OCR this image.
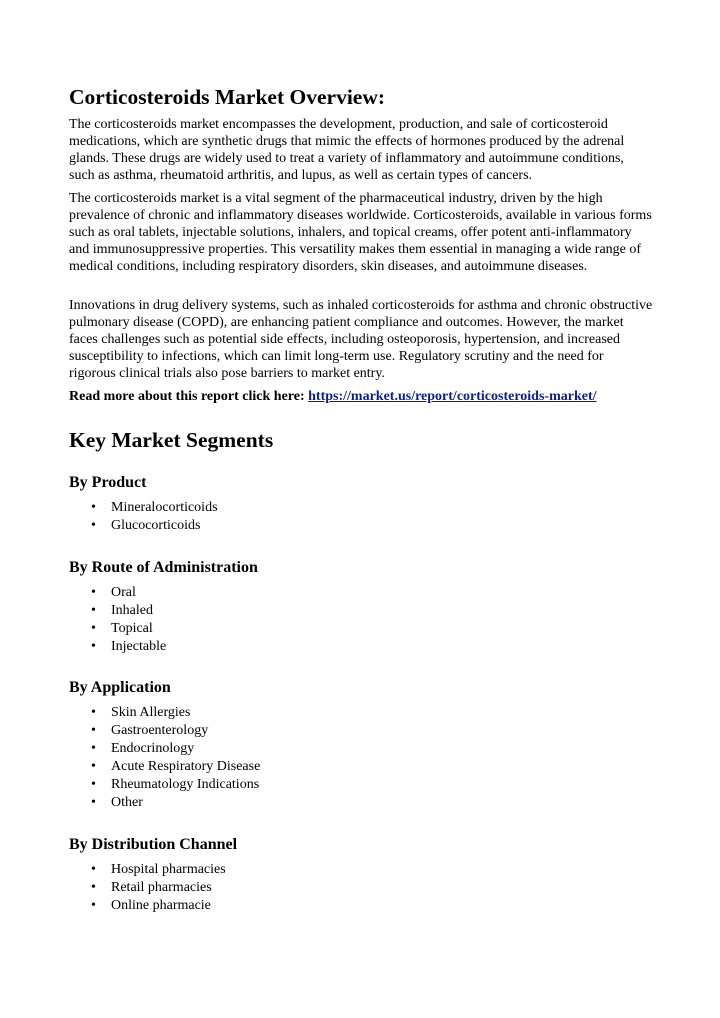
Corticosteroids Market Overview:

The corticosteroids market encompasses the development, production, and sale of corticosteroid medications, which are synthetic drugs that mimic the effects of hormones produced by the adrenal glands. These drugs are widely used to treat a variety of inflammatory and autoimmune conditions, such as asthma, rheumatoid arthritis, and lupus, as well as certain types of cancers.

The corticosteroids market is a vital segment of the pharmaceutical industry, driven by the high prevalence of chronic and inflammatory diseases worldwide. Corticosteroids, available in various forms such as oral tablets, injectable solutions, inhalers, and topical creams, offer potent anti-inflammatory and immunosuppressive properties. This versatility makes them essential in managing a wide range of medical conditions, including respiratory disorders, skin diseases, and autoimmune diseases.

Innovations in drug delivery systems, such as inhaled corticosteroids for asthma and chronic obstructive pulmonary disease (COPD), are enhancing patient compliance and outcomes. However, the market faces challenges such as potential side effects, including osteoporosis, hypertension, and increased susceptibility to infections, which can limit long-term use. Regulatory scrutiny and the need for rigorous clinical trials also pose barriers to market entry.

Read more about this report click here: https://market.us/report/corticosteroids-market/

Key Market Segments
By Product
• Mineralocorticoids
• Glucocorticoids
By Route of Administration
• Oral
• Inhaled
• Topical
• Injectable
By Application
• Skin Allergies
• Gastroenterology
• Endocrinology
• Acute Respiratory Disease
• Rheumatology Indications
• Other
By Distribution Channel
• Hospital pharmacies
• Retail pharmacies
• Online pharmacie
